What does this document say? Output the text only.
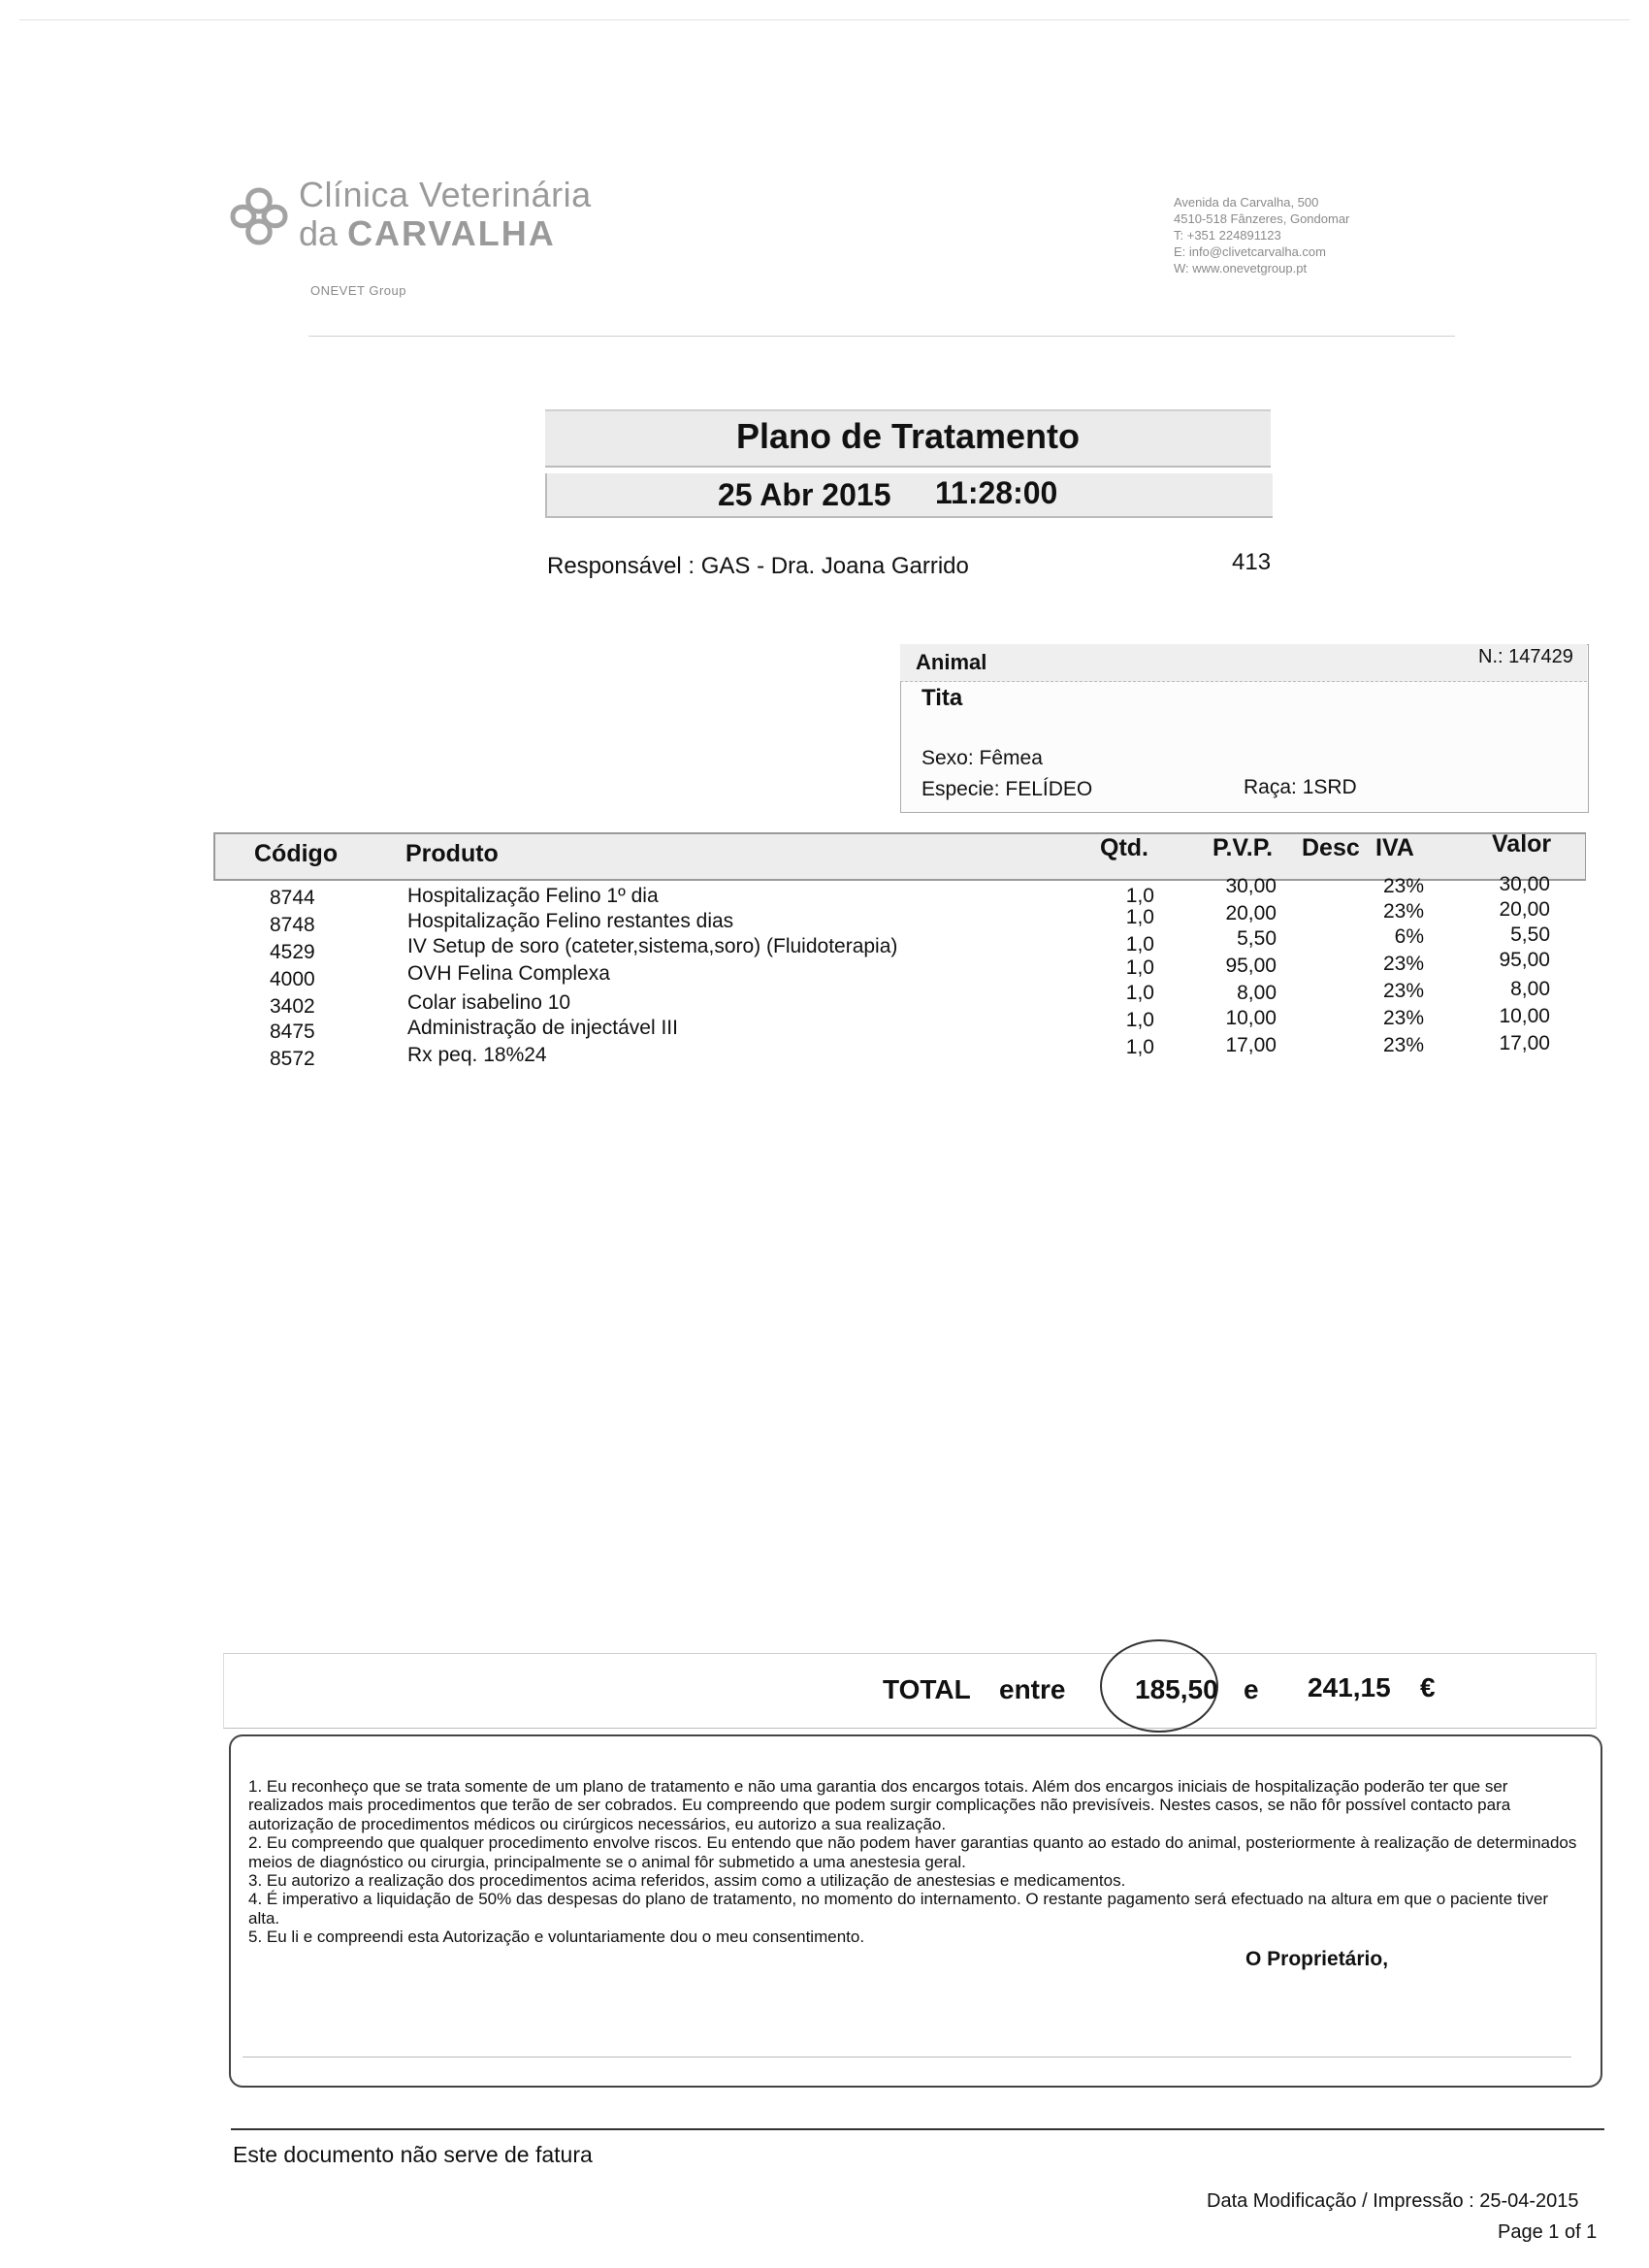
Clínica Veterinária
da CARVALHA
ONEVET Group
Avenida da Carvalha, 500
4510-518 Fânzeres, Gondomar
T: +351 224891123
E: info@clivetcarvalha.com
W: www.onevetgroup.pt
Plano de Tratamento
25 Abr 2015 11:28:00
Responsável : GAS - Dra. Joana Garrido	413
Animal	N.: 147429
Tita
Sexo: Fêmea
Especie: FELÍDEO	Raça: 1SRD
Código	Produto	Qtd.	P.V.P. Desc IVA	Valor
8744	Hospitalização Felino 1º dia	1,0	30,00	23%	30,00
8748	Hospitalização Felino restantes dias	1,0	20,00	23%	20,00
4529	IV Setup de soro (cateter,sistema,soro) (Fluidoterapia)	1,0	5,50	6%	5,50
4000	OVH Felina Complexa	1,0	95,00	23%	95,00
3402	Colar isabelino 10	1,0	8,00	23%	8,00
8475	Administração de injectável III	1,0	10,00	23%	10,00
8572	Rx peq. 18%24	1,0	17,00	23%	17,00
TOTAL entre	185,50 e 241,15 €

1. Eu reconheço que se trata somente de um plano de tratamento e não uma garantia dos encargos totais. Além dos encargos iniciais de hospitalização poderão ter que ser realizados mais procedimentos que terão de ser cobrados. Eu compreendo que podem surgir complicações não previsíveis. Nestes casos, se não fôr possível contacto para autorização de procedimentos médicos ou cirúrgicos necessários, eu autorizo a sua realização.

2. Eu compreendo que qualquer procedimento envolve riscos. Eu entendo que não podem haver garantias quanto ao estado do animal, posteriormente à realização de determinados meios de diagnóstico ou cirurgia, principalmente se o animal fôr submetido a uma anestesia geral.

3. Eu autorizo a realização dos procedimentos acima referidos, assim como a utilização de anestesias e medicamentos.

4. É imperativo a liquidação de 50% das despesas do plano de tratamento, no momento do internamento. O restante pagamento será efectuado na altura em que o paciente tiver alta.

5. Eu li e compreendi esta Autorização e voluntariamente dou o meu consentimento.

O Proprietário,
Este documento não serve de fatura
Data Modificação / Impressão : 25-04-2015
Page 1 of 1
